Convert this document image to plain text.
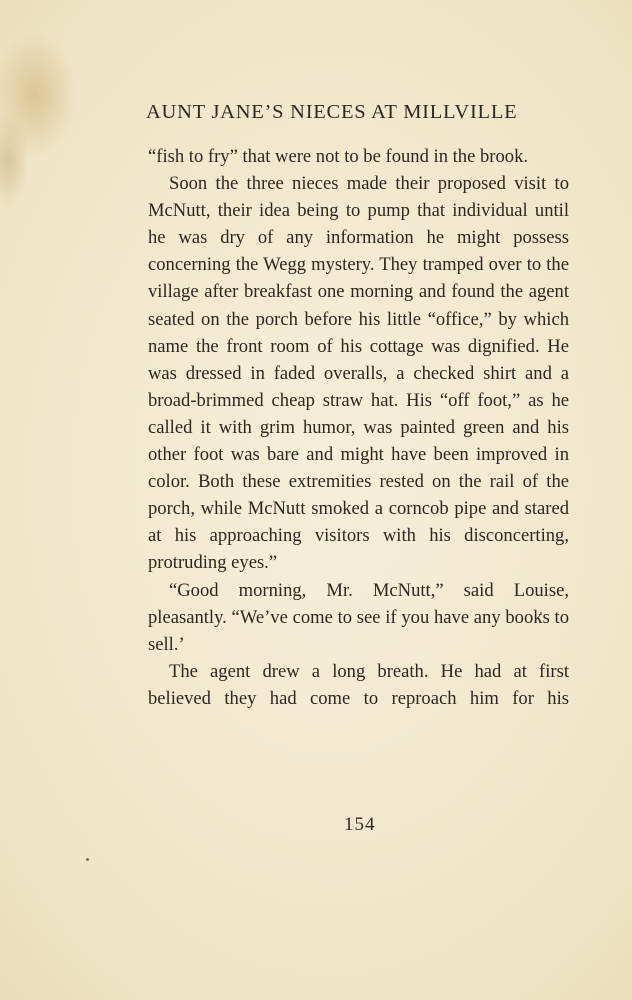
AUNT JANE’S NIECES AT MILLVILLE

“fish to fry” that were not to be found in the brook.

Soon the three nieces made their proposed visit to McNutt, their idea being to pump that individual until he was dry of any information he might possess concerning the Wegg mystery. They tramped over to the village after breakfast one morning and found the agent seated on the porch before his little “office,” by which name the front room of his cottage was dignified. He was dressed in faded overalls, a checked shirt and a broad-brimmed cheap straw hat. His “off foot,” as he called it with grim humor, was painted green and his other foot was bare and might have been improved in color. Both these extremities rested on the rail of the porch, while McNutt smoked a corncob pipe and stared at his approaching visitors with his disconcerting, protruding eyes.”

“Good morning, Mr. McNutt,” said Louise, pleasantly. “We’ve come to see if you have any books to sell.’

The agent drew a long breath. He had at first believed they had come to reproach him for his

154
